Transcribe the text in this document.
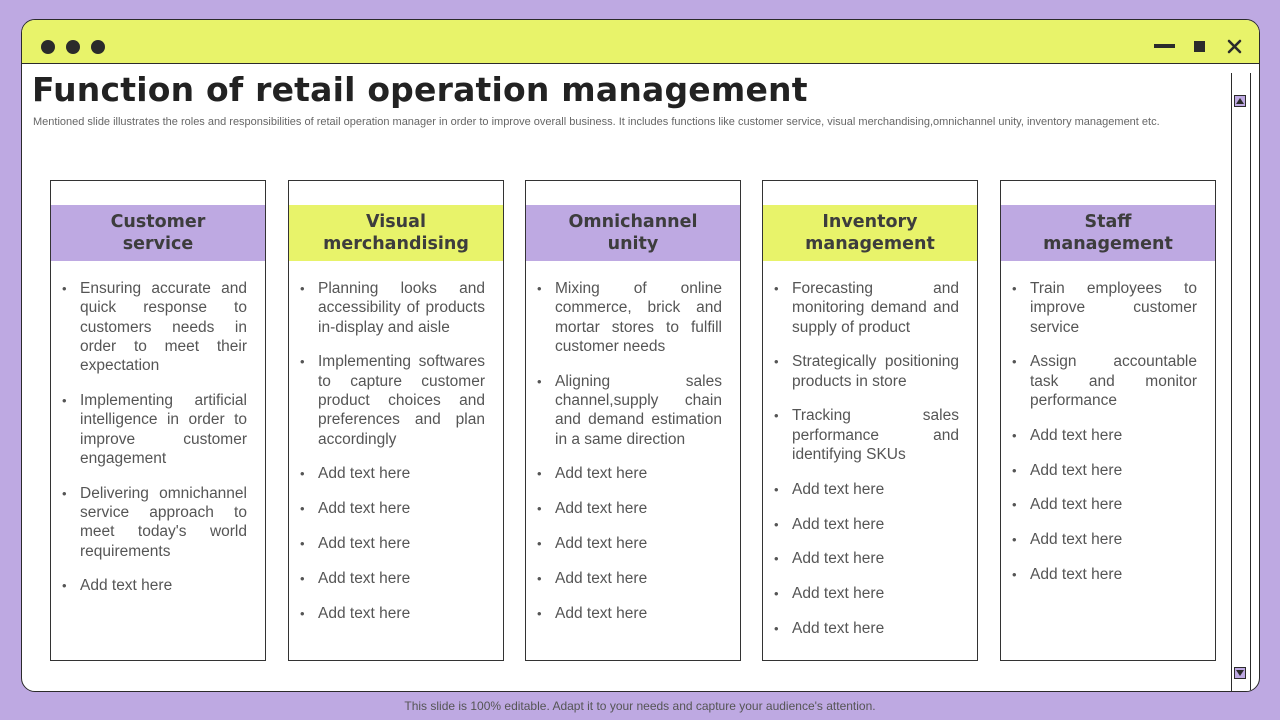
Function of retail operation management

Mentioned slide illustrates the roles and responsibilities of retail operation manager in order to improve overall business. It includes functions like customer service, visual merchandising,omnichannel unity, inventory management etc.

Customer
service
• Ensuring accurate and quick response to customers needs in order to meet their expectation
• Implementing artificial intelligence in order to improve customer engagement
• Delivering omnichannel service approach to meet today's world requirements
• Add text here
Visual
merchandising
• Planning looks and accessibility of products in-display and aisle
• Implementing softwares to capture customer product choices and preferences and plan accordingly
• Add text here
• Add text here
• Add text here
• Add text here
• Add text here
Omnichannel
unity
• Mixing of online commerce, brick and mortar stores to fulfill customer needs
• Aligning sales channel,supply chain and demand estimation in a same direction
• Add text here
• Add text here
• Add text here
• Add text here
• Add text here
Inventory
management
• Forecasting and monitoring demand and supply of product
• Strategically positioning products in store
• Tracking sales performance and identifying SKUs
• Add text here
• Add text here
• Add text here
• Add text here
• Add text here
Staff
management
• Train employees to improve customer service
• Assign accountable task and monitor performance
• Add text here
• Add text here
• Add text here
• Add text here
• Add text here
This slide is 100% editable. Adapt it to your needs and capture your audience's attention.
